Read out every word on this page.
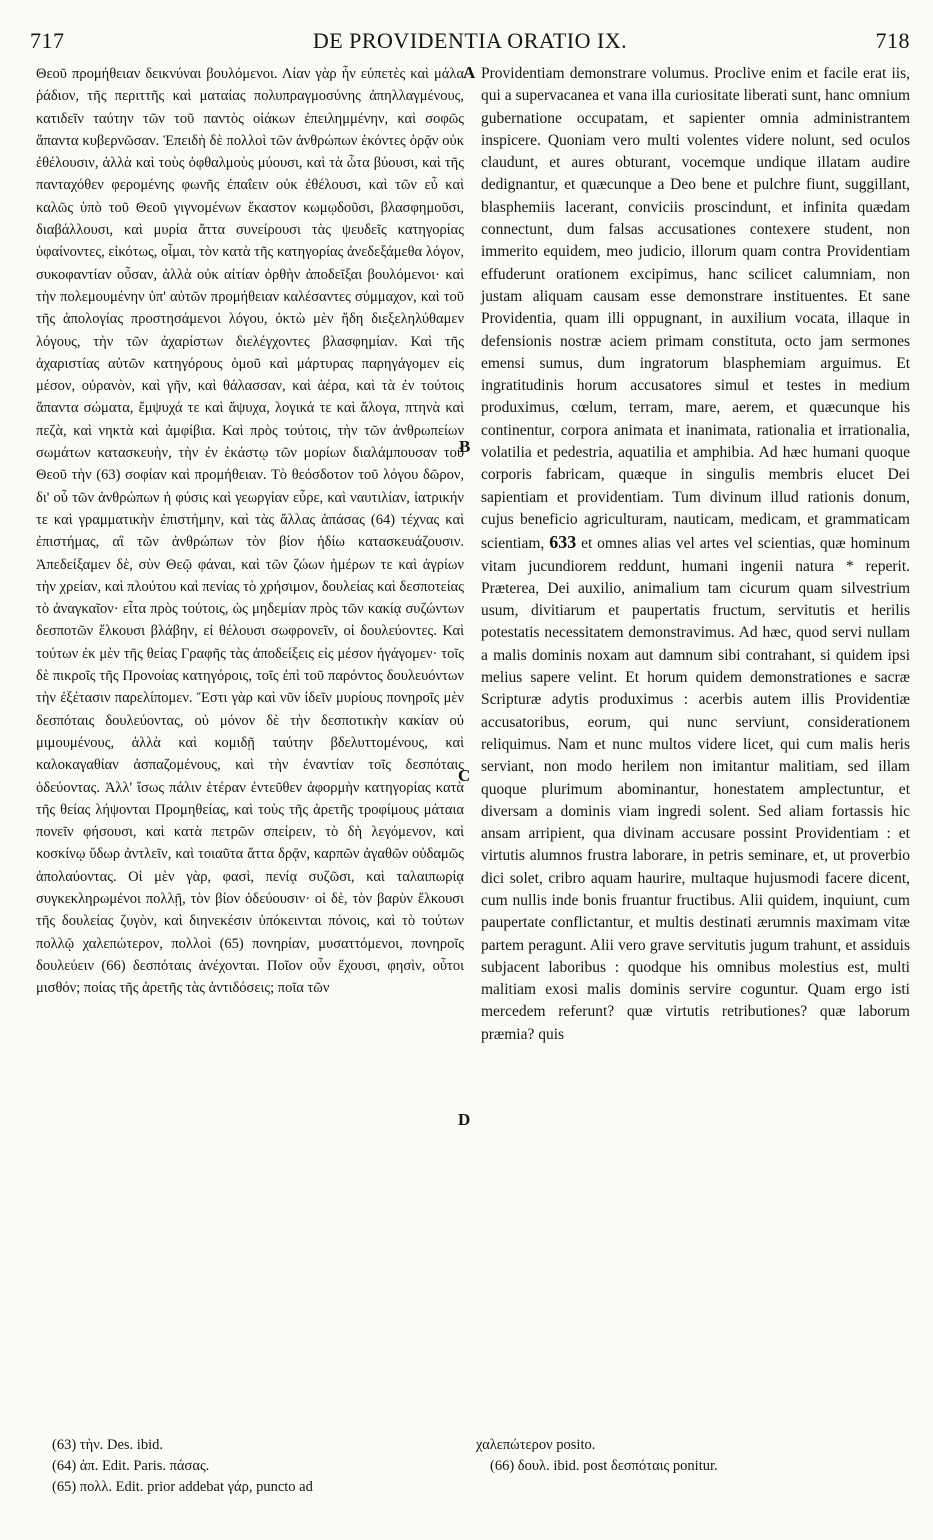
717	DE PROVIDENTIA ORATIO IX.	718

Θεοῦ προμήθειαν δεικνύναι βουλόμενοι. Λίαν γὰρ ἦν εὐπετὲς καὶ μάλα ῥάδιον, τῆς περιττῆς καὶ ματαίας πολυπραγμοσύνης ἀπηλλαγμένους, κατιδεῖν ταύτην τῶν τοῦ παντὸς οἰάκων ἐπειλημμένην, καὶ σοφῶς ἅπαντα κυβερνῶσαν. Ἐπειδὴ δὲ πολλοὶ τῶν ἀνθρώπων ἑκόντες ὁρᾷν οὐκ ἐθέλουσιν, ἀλλὰ καὶ τοὺς ὀφθαλμοὺς μύουσι, καὶ τὰ ὦτα βύουσι, καὶ τῆς πανταχόθεν φερομένης φωνῆς ἐπαΐειν οὐκ ἐθέλουσι, καὶ τῶν εὖ καὶ καλῶς ὑπὸ τοῦ Θεοῦ γιγνομένων ἕκαστον κωμῳδοῦσι, βλασφημοῦσι, διαβάλλουσι, καὶ μυρία ἄττα συνείρουσι τὰς ψευδεῖς κατηγορίας ὑφαίνοντες, εἰκότως, οἶμαι, τὸν κατὰ τῆς κατηγορίας ἀνεδεξάμεθα λόγον, συκοφαντίαν οὖσαν, ἀλλὰ οὐκ αἰτίαν ὀρθὴν ἀποδεῖξαι βουλόμενοι· καὶ τὴν πολεμουμένην ὑπ' αὐτῶν προμήθειαν καλέσαντες σύμμαχον, καὶ τοῦ τῆς ἀπολογίας προστησάμενοι λόγου, ὀκτὼ μὲν ἤδη διεξεληλύθαμεν λόγους, τὴν τῶν ἀχαρίστων διελέγχοντες βλασφημίαν. Καὶ τῆς ἀχαριστίας αὐτῶν κατηγόρους ὁμοῦ καὶ μάρτυρας παρηγάγομεν εἰς μέσον, οὐρανὸν, καὶ γῆν, καὶ θάλασσαν, καὶ ἀέρα, καὶ τὰ ἐν τούτοις ἅπαντα σώματα, ἔμψυχά τε καὶ ἄψυχα, λογικά τε καὶ ἄλογα, πτηνὰ καὶ πεζὰ, καὶ νηκτὰ καὶ ἀμφίβια. Καὶ πρὸς τούτοις, τὴν τῶν ἀνθρωπείων σωμάτων κατασκευὴν, τὴν ἐν ἑκάστῳ τῶν μορίων διαλάμπουσαν τοῦ Θεοῦ τὴν (63) σοφίαν καὶ προμήθειαν. Τὸ θεόσδοτον τοῦ λόγου δῶρον, δι' οὗ τῶν ἀνθρώπων ἡ φύσις καὶ γεωργίαν εὗρε, καὶ ναυτιλίαν, ἰατρικήν τε καὶ γραμματικὴν ἐπιστήμην, καὶ τὰς ἄλλας ἁπάσας (64) τέχνας καὶ ἐπιστήμας, αἳ τῶν ἀνθρώπων τὸν βίον ἡδίω κατασκευάζουσιν. Ἀπεδείξαμεν δὲ, σὺν Θεῷ φάναι, καὶ τῶν ζώων ἡμέρων τε καὶ ἀγρίων τὴν χρείαν, καὶ πλούτου καὶ πενίας τὸ χρήσιμον, δουλείας καὶ δεσποτείας τὸ ἀναγκαῖον· εἶτα πρὸς τούτοις, ὡς μηδεμίαν πρὸς τῶν κακίᾳ συζώντων δεσποτῶν ἔλκουσι βλάβην, εἰ θέλουσι σωφρονεῖν, οἱ δουλεύοντες. Καὶ τούτων ἐκ μὲν τῆς θείας Γραφῆς τὰς ἀποδείξεις εἰς μέσον ἠγάγομεν· τοῖς δὲ πικροῖς τῆς Προνοίας κατηγόροις, τοῖς ἐπὶ τοῦ παρόντος δουλευόντων τὴν ἐξέτασιν παρελίπομεν. Ἔστι γὰρ καὶ νῦν ἰδεῖν μυρίους πονηροῖς μὲν δεσπόταις δουλεύοντας, οὐ μόνον δὲ τὴν δεσποτικὴν κακίαν οὐ μιμουμένους, ἀλλὰ καὶ κομιδῇ ταύτην βδελυττομένους, καὶ καλοκαγαθίαν ἀσπαζομένους, καὶ τὴν ἐναντίαν τοῖς δεσπόταις ὁδεύοντας. Ἀλλ' ἴσως πάλιν ἑτέραν ἐντεῦθεν ἀφορμὴν κατηγορίας κατὰ τῆς θείας λήψονται Προμηθείας, καὶ τοὺς τῆς ἀρετῆς τροφίμους μάταια πονεῖν φήσουσι, καὶ κατὰ πετρῶν σπείρειν, τὸ δὴ λεγόμενον, καὶ κοσκίνῳ ὕδωρ ἀντλεῖν, καὶ τοιαῦτα ἄττα δρᾷν, καρπῶν ἀγαθῶν οὐδαμῶς ἀπολαύοντας. Οἱ μὲν γὰρ, φασὶ, πενίᾳ συζῶσι, καὶ ταλαιπωρίᾳ συγκεκληρωμένοι πολλῇ, τὸν βίον ὁδεύουσιν· οἱ δὲ, τὸν βαρὺν ἕλκουσι τῆς δουλείας ζυγὸν, καὶ διηνεκέσιν ὑπόκεινται πόνοις, καὶ τὸ τούτων πολλῷ χαλεπώτερον, πολλοὶ (65) πονηρίαν, μυσαττόμενοι, πονηροῖς δουλεύειν (66) δεσπόταις ἀνέχονται. Ποῖον οὖν ἔχουσι, φησὶν, οὗτοι μισθόν; ποίας τῆς ἀρετῆς τὰς ἀντιδόσεις; ποῖα τῶν

A
B
C
D

Providentiam demonstrare volumus. Proclive enim et facile erat iis, qui a supervacanea et vana illa curiositate liberati sunt, hanc omnium gubernatione occupatam, et sapienter omnia administrantem inspicere. Quoniam vero multi volentes videre nolunt, sed oculos claudunt, et aures obturant, vocemque undique illatam audire dedignantur, et quæcunque a Deo bene et pulchre fiunt, suggillant, blasphemiis lacerant, conviciis proscindunt, et infinita quædam connectunt, dum falsas accusationes contexere student, non immerito equidem, meo judicio, illorum quam contra Providentiam effuderunt orationem excipimus, hanc scilicet calumniam, non justam aliquam causam esse demonstrare instituentes. Et sane Providentia, quam illi oppugnant, in auxilium vocata, illaque in defensionis nostræ aciem primam constituta, octo jam sermones emensi sumus, dum ingratorum blasphemiam arguimus. Et ingratitudinis horum accusatores simul et testes in medium produximus, cœlum, terram, mare, aerem, et quæcunque his continentur, corpora animata et inanimata, rationalia et irrationalia, volatilia et pedestria, aquatilia et amphibia. Ad hæc humani quoque corporis fabricam, quæque in singulis membris elucet Dei sapientiam et providentiam. Tum divinum illud rationis donum, cujus beneficio agriculturam, nauticam, medicam, et grammaticam scientiam, 633 et omnes alias vel artes vel scientias, quæ hominum vitam jucundiorem reddunt, humani ingenii natura * reperit. Præterea, Dei auxilio, animalium tam cicurum quam silvestrium usum, divitiarum et paupertatis fructum, servitutis et herilis potestatis necessitatem demonstravimus. Ad hæc, quod servi nullam a malis dominis noxam aut damnum sibi contrahant, si quidem ipsi melius sapere velint. Et horum quidem demonstrationes e sacræ Scripturæ adytis produximus : acerbis autem illis Providentiæ accusatoribus, eorum, qui nunc serviunt, considerationem reliquimus. Nam et nunc multos videre licet, qui cum malis heris serviant, non modo herilem non imitantur malitiam, sed illam quoque plurimum abominantur, honestatem amplectuntur, et diversam a dominis viam ingredi solent. Sed aliam fortassis hic ansam arripient, qua divinam accusare possint Providentiam : et virtutis alumnos frustra laborare, in petris seminare, et, ut proverbio dici solet, cribro aquam haurire, multaque hujusmodi facere dicent, cum nullis inde bonis fruantur fructibus. Alii quidem, inquiunt, cum paupertate conflictantur, et multis destinati ærumnis maximam vitæ partem peragunt. Alii vero grave servitutis jugum trahunt, et assiduis subjacent laboribus : quodque his omnibus molestius est, multi malitiam exosi malis dominis servire coguntur. Quam ergo isti mercedem referunt? quæ virtutis retributiones? quæ laborum præmia? quis

(63) τὴν. Des. ibid.
(64) ἁπ. Edit. Paris. πάσας.
(65) πολλ. Edit. prior addebat γάρ, puncto ad
χαλεπώτερον posito.
(66) δουλ. ibid. post δεσπόταις ponitur.
